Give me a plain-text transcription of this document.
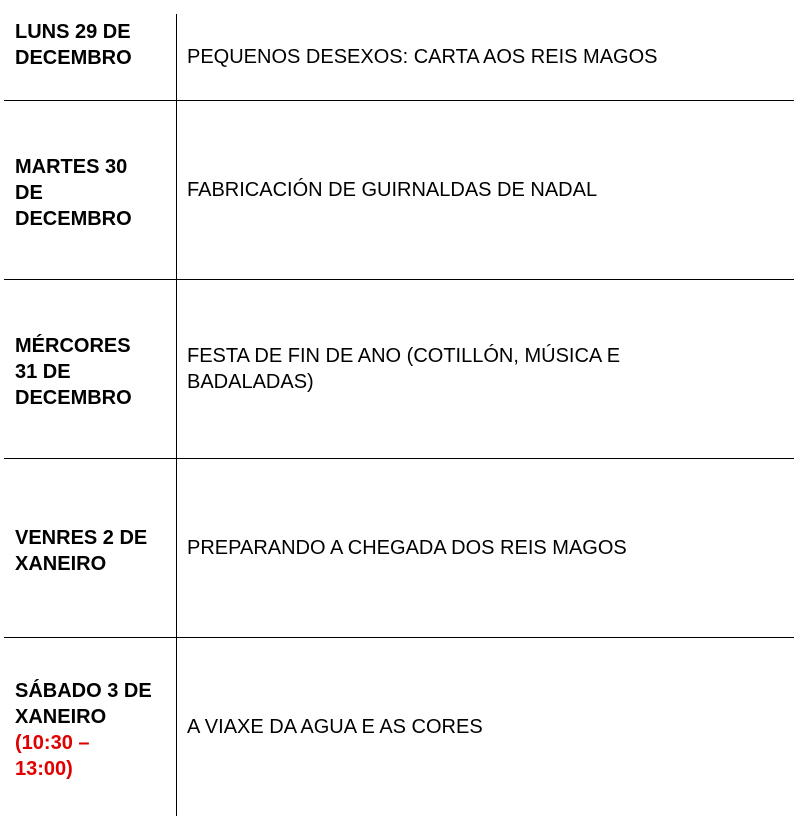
LUNS 29 DE DECEMBRO	PEQUENOS DESEXOS: CARTA AOS REIS MAGOS
MARTES 30 DE DECEMBRO
FABRICACIÓN DE GUIRNALDAS DE NADAL
MÉRCORES 31 DE DECEMBRO
FESTA DE FIN DE ANO (COTILLÓN, MÚSICA E BADALADAS)
VENRES 2 DE XANEIRO
PREPARANDO A CHEGADA DOS REIS MAGOS
SÁBADO 3 DE XANEIRO
(10:30 – 13:00)
A VIAXE DA AGUA E AS CORES
